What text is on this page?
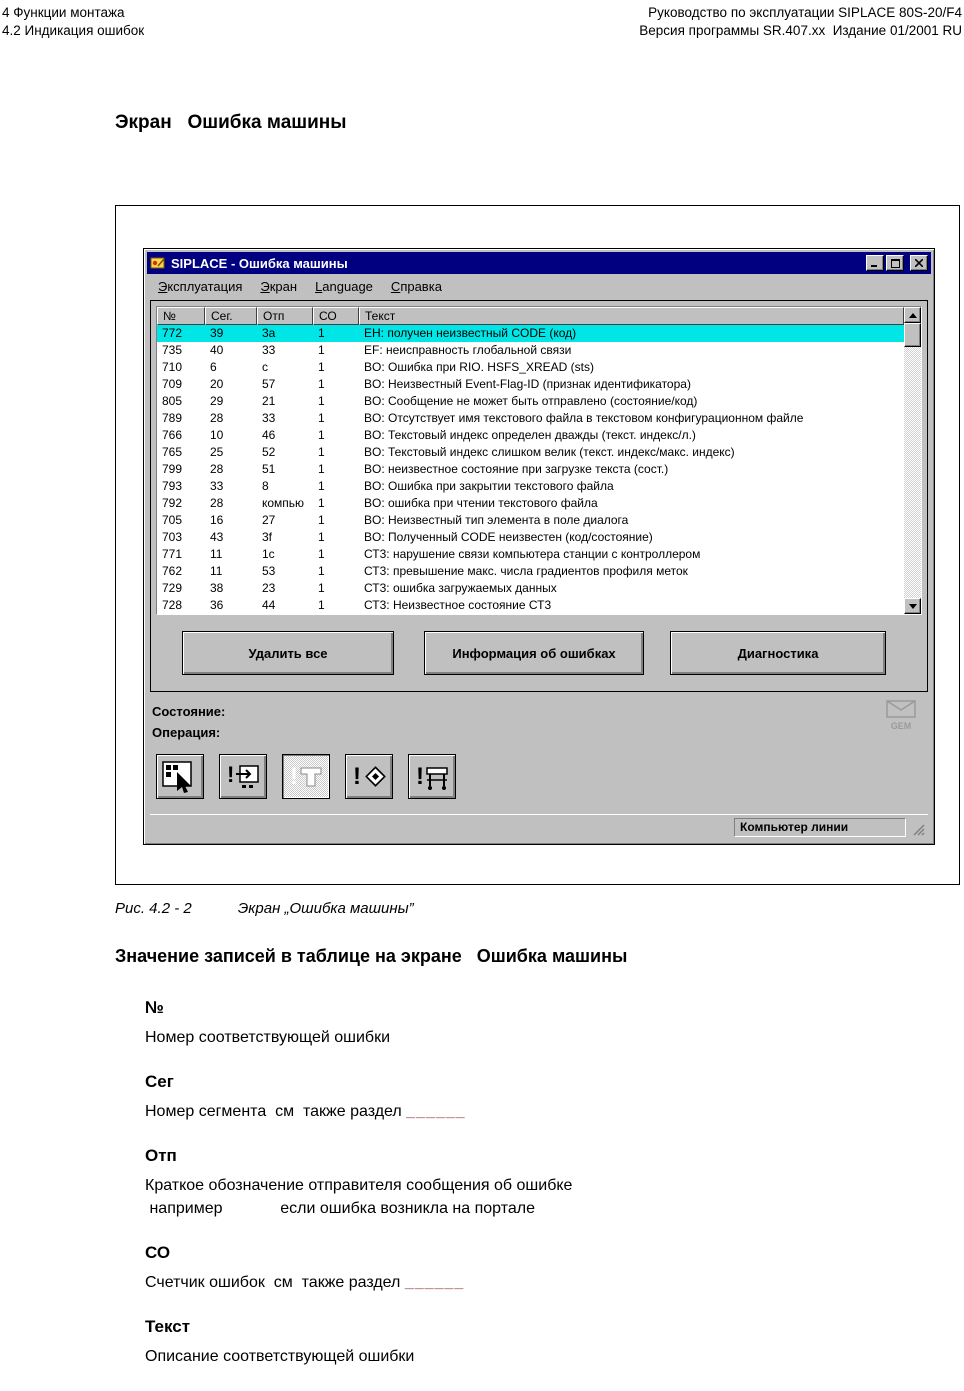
4 Функции монтажа
4.2 Индикация ошибок
Руководство по эксплуатации SIPLACE 80S-20/F4
Версия программы SR.407.xx  Издание 01/2001 RU
Экран   Ошибка машины
SIPLACE - Ошибка машины
Эксплуатация	Экран	Language	Справка
№	Сег.	Отп	СО	Текст
772	39	3a	1	EH: получен неизвестный CODE (код)
735	40	33	1	EF: неисправность глобальной связи
710	6	c	1	BO: Ошибка при RIO. HSFS_XREAD (sts)
709	20	57	1	BO: Неизвестный Event-Flag-ID (признак идентификатора)
805	29	21	1	BO: Сообщение не может быть отправлено (состояние/код)
789	28	33	1	BO: Отсутствует имя текстового файла в текстовом конфигурационном файле
766	10	46	1	BO: Текстовый индекс определен дважды (текст. индекс/л.)
765	25	52	1	BO: Текстовый индекс слишком велик (текст. индекс/макс. индекс)
799	28	51	1	BO: неизвестное состояние при загрузке текста (сост.)
793	33	8	1	BO: Ошибка при закрытии текстового файла
792	28	компью	1	BO: ошибка при чтении текстового файла
705	16	27	1	BO: Неизвестный тип элемента в поле диалога
703	43	3f	1	BO: Полученный CODE неизвестен (код/состояние)
771	11	1c	1	СТ3: нарушение связи компьютера станции с контроллером
762	11	53	1	СТ3: превышение макс. числа градиентов профиля меток
729	38	23	1	СТ3: ошибка загружаемых данных
728	36	44	1	СТ3: Неизвестное состояние СТ3
Удалить все	Информация об ошибках	Диагностика
Состояние:
Операция:	GEM
! ! ! !
Компьютер линии
Рис. 4.2 - 2	Экран „Ошибка машины”
Значение записей в таблице на экране   Ошибка машины
№
Номер соответствующей ошибки
Сег
Номер сегмента  см  также раздел ______
Отп
Краткое обозначение отправителя сообщения об ошибке
например             если ошибка возникла на портале
СО
Счетчик ошибок  см  также раздел ______
Текст
Описание соответствующей ошибки
